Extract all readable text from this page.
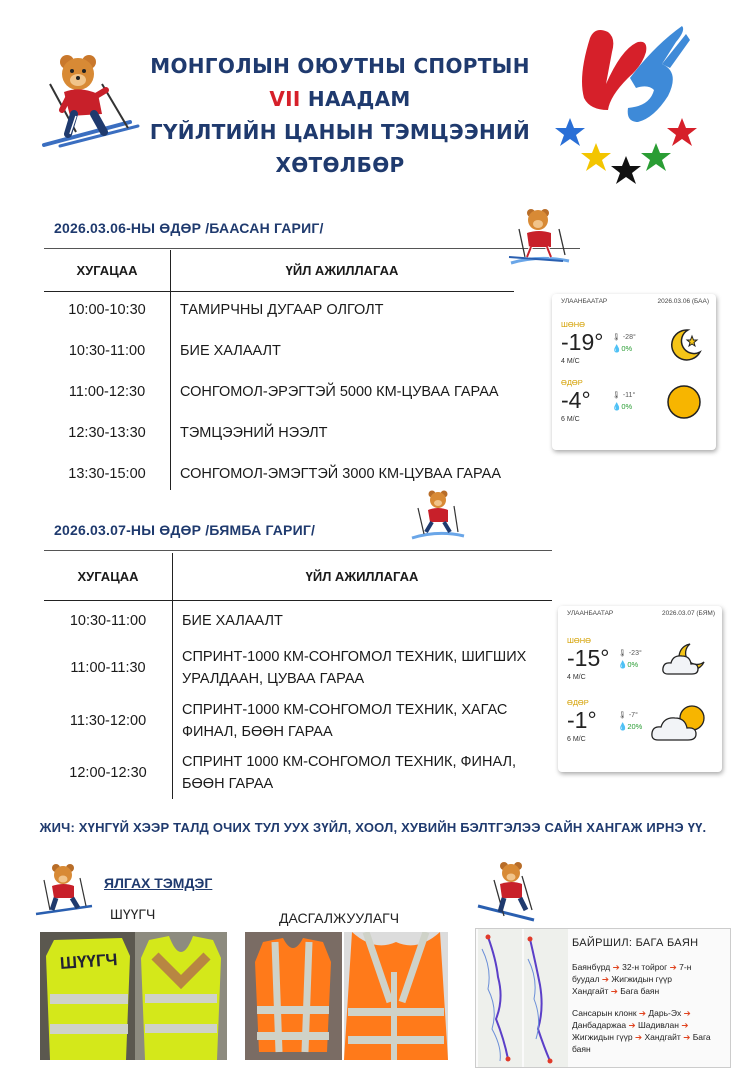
МОНГОЛЫН ОЮУТНЫ СПОРТЫН
VII НААДАМ
ГҮЙЛТИЙН ЦАНЫН ТЭМЦЭЭНИЙ
ХӨТӨЛБӨР
2026.03.06-НЫ ӨДӨР /БААСАН ГАРИГ/
ХУГАЦАА	ҮЙЛ АЖИЛЛАГАА
10:00-10:30	ТАМИРЧНЫ ДУГААР ОЛГОЛТ
10:30-11:00	БИЕ ХАЛААЛТ
11:00-12:30	СОНГОМОЛ-ЭРЭГТЭЙ 5000 КМ-ЦУВАА ГАРАА
12:30-13:30	ТЭМЦЭЭНИЙ НЭЭЛТ
13:30-15:00	СОНГОМОЛ-ЭМЭГТЭЙ 3000 КМ-ЦУВАА ГАРАА
УЛААНБААТАР	2026.03.06 (БАА)
ШӨНӨ
-19° 🌡 -28°
💧0%
4 М/С
ӨДӨР
-4°	🌡 -11°
💧0%
6 М/С
2026.03.07-НЫ ӨДӨР /БЯМБА ГАРИГ/
ХУГАЦАА	ҮЙЛ АЖИЛЛАГАА
10:30-11:00	БИЕ ХАЛААЛТ
11:00-11:30
СПРИНТ-1000 КМ-СОНГОМОЛ ТЕХНИК, ШИГШИХ УРАЛДААН, ЦУВАА ГАРАА
11:30-12:00
СПРИНТ-1000 КМ-СОНГОМОЛ ТЕХНИК, ХАГАС ФИНАЛ, БӨӨН ГАРАА
12:00-12:30
СПРИНТ 1000 КМ-СОНГОМОЛ ТЕХНИК, ФИНАЛ, БӨӨН ГАРАА
УЛААНБААТАР	2026.03.07 (БЯМ)
ШӨНӨ
-15° 🌡 -23°
💧0%
4 М/С
ӨДӨР
-1°	🌡 -7°
💧20%
6 М/С
ЖИЧ: ХҮНГҮЙ ХЭЭР ТАЛД ОЧИХ ТУЛ УУХ ЗҮЙЛ, ХООЛ, ХУВИЙН БЭЛТГЭЛЭЭ САЙН ХАНГАЖ ИРНЭ ҮҮ.
ЯЛГАХ ТЭМДЭГ
ШҮҮГЧ	ДАСГАЛЖУУЛАГЧ
ШҮҮГЧ
БАЙРШИЛ: БАГА БАЯН
Баянбүрд ➔ 32-н тойрог ➔ 7-н
буудал ➔ Жигжидын гүүр
Хандгайт ➔ Бага баян
Сансарын клонк ➔ Дарь-Эх ➔
Данбадаржаа ➔ Шадивлан ➔
Жигжидын гүүр ➔ Хандгайт ➔ Бага
баян
